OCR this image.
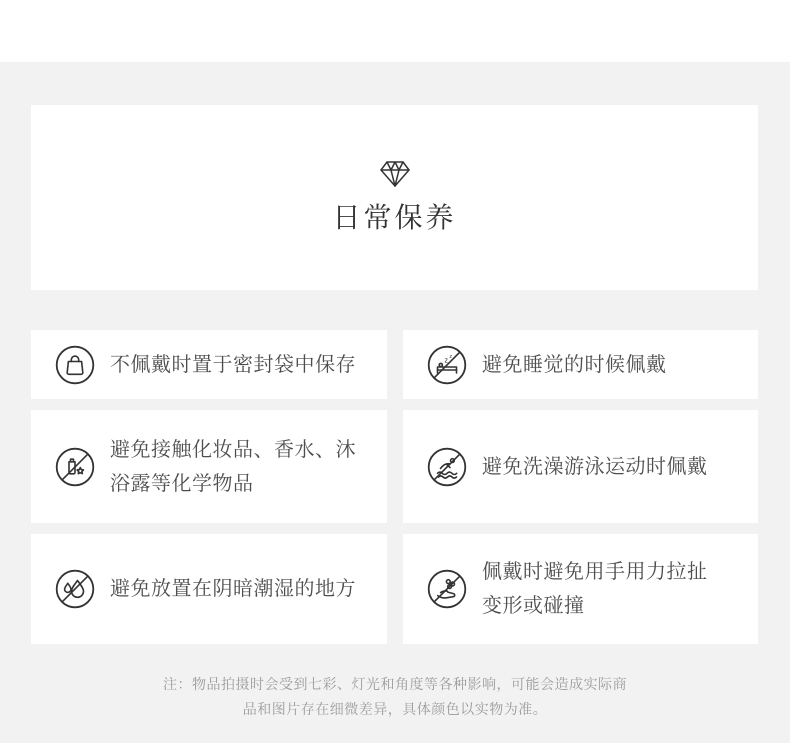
日常保养

不佩戴时置于密封袋中保存	z
z 避免睡觉的时候佩戴

避免接触化妆品、香水、沐浴露等化学物品

避免洗澡游泳运动时佩戴

避免放置在阴暗潮湿的地方

佩戴时避免用手用力拉扯变形或碰撞

注：物品拍摄时会受到七彩、灯光和角度等各种影响，可能会造成实际商

品和图片存在细微差异，具体颜色以实物为准。
